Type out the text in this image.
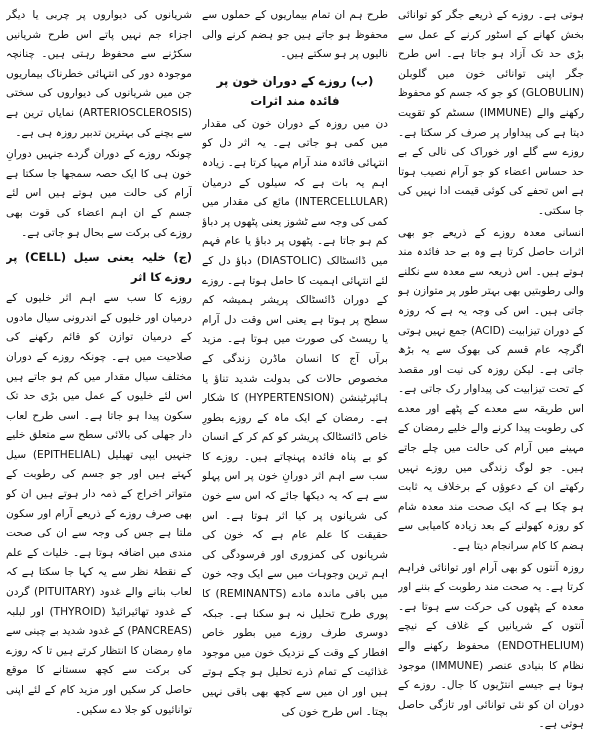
ہوتی ہے۔ روزے کے ذریعے جگر کو توانائی بخش کھانے کے اسٹور کرنے کے عمل سے بڑی حد تک آزاد ہو جاتا ہے۔ اس طرح جگر اپنی توانائی خون میں گلوبلن (GLOBULIN) کو جو کہ جسم کو محفوظ رکھنے والے (IMMUNE) سسٹم کو تقویت دیتا ہے کی پیداوار پر صرف کر سکتا ہے۔ روزے سے گلے اور خوراک کی نالی کے بے حد حساس اعضاء کو جو آرام نصیب ہوتا ہے اس تحفے کی کوئی قیمت ادا نہیں کی جا سکتی۔

انسانی معدہ روزے کے ذریعے جو بھی اثرات حاصل کرتا ہے وہ بے حد فائدہ مند ہوتے ہیں۔ اس ذریعہ سے معدہ سے نکلنے والی رطوبتیں بھی بہتر طور پر متوازن ہو جاتی ہیں۔ اس کی وجہ یہ ہے کہ روزہ کے دوران تیزابیت (ACID) جمع نہیں ہوتی اگرچہ عام قسم کی بھوک سے یہ بڑھ جاتی ہے۔ لیکن روزہ کی نیت اور مقصد کے تحت تیزابیت کی پیداوار رک جاتی ہے۔ اس طریقہ سے معدے کے پٹھے اور معدے کی رطوبت پیدا کرنے والے خلیے رمضان کے مہینے میں آرام کی حالت میں چلے جاتے ہیں۔ جو لوگ زندگی میں روزے نہیں رکھتے ان کے دعوؤں کے برخلاف یہ ثابت ہو چکا ہے کہ ایک صحت مند معدہ شام کو روزہ کھولنے کے بعد زیادہ کامیابی سے ہضم کا کام سرانجام دیتا ہے۔

روزہ آنتوں کو بھی آرام اور توانائی فراہم کرتا ہے۔ یہ صحت مند رطوبت کے بننے اور معدہ کے پٹھوں کی حرکت سے ہوتا ہے۔ آنتوں کے شریانیں کے غلاف کے نیچے (ENDOTHELIUM) محفوظ رکھنے والے نظام کا بنیادی عنصر (IMMUNE) موجود ہوتا ہے جیسے انتڑیوں کا جال۔ روزے کے دوران ان کو نئی توانائی اور تازگی حاصل ہوتی ہے۔

طرح ہم ان تمام بیماریوں کے حملوں سے محفوظ ہو جاتے ہیں جو ہضم کرنے والی نالیوں پر ہو سکتے ہیں۔

(ب) روزے کے دوران خون پر فائدہ مند اثرات

دن میں روزہ کے دوران خون کی مقدار میں کمی ہو جاتی ہے۔ یہ اثر دل کو انتہائی فائدہ مند آرام مہیا کرتا ہے۔ زیادہ اہم یہ بات ہے کہ سیلوں کے درمیان (INTERCELLULAR) مائع کی مقدار میں کمی کی وجہ سے ٹشوز یعنی پٹھوں پر دباؤ کم ہو جاتا ہے۔ پٹھوں پر دباؤ یا عام فہم میں ڈائسٹالک (DIASTOLIC) دباؤ دل کے لئے انتہائی اہمیت کا حامل ہوتا ہے۔ روزے کے دوران ڈائسٹالک پریشر ہمیشہ کم سطح پر ہوتا ہے یعنی اس وقت دل آرام یا ریسٹ کی صورت میں ہوتا ہے۔ مزید برآں آج کا انسان ماڈرن زندگی کے مخصوص حالات کی بدولت شدید تناؤ یا ہائپرٹینشن (HYPERTENSION) کا شکار ہے۔ رمضان کے ایک ماہ کے روزے بطورِ خاص ڈائسٹالک پریشر کو کم کر کے انسان کو بے پناہ فائدہ پہنچاتے ہیں۔ روزے کا سب سے اہم اثر دورانِ خون پر اس پہلو سے ہے کہ یہ دیکھا جائے کہ اس سے خون کی شریانوں پر کیا اثر ہوتا ہے۔ اس حقیقت کا علم عام ہے کہ خون کی شریانوں کی کمزوری اور فرسودگی کی اہم ترین وجوہات میں سے ایک وجہ خون میں باقی ماندہ مادے (REMINANTS) کا پوری طرح تحلیل نہ ہو سکنا ہے۔ جبکہ دوسری طرف روزے میں بطور خاص افطار کے وقت کے نزدیک خون میں موجود غذائیت کے تمام ذرے تحلیل ہو چکے ہوتے ہیں اور ان میں سے کچھ بھی باقی نہیں بچتا۔ اس طرح خون کی

شریانوں کی دیواروں پر چربی یا دیگر اجزاء جم نہیں پاتے اس طرح شریانیں سکڑنے سے محفوظ رہتی ہیں۔ چنانچہ موجودہ دور کی انتہائی خطرناک بیماریوں جن میں شریانوں کی دیواروں کی سختی (ARTERIOSCLEROSIS) نمایاں ترین ہے سے بچنے کی بہترین تدبیر روزہ ہی ہے۔

چونکہ روزے کے دوران گردے جنہیں دورانِ خون ہی کا ایک حصہ سمجھا جا سکتا ہے آرام کی حالت میں ہوتے ہیں اس لئے جسم کے ان اہم اعضاء کی قوت بھی روزے کی برکت سے بحال ہو جاتی ہے۔

(ج) خلیہ یعنی سیل (CELL) پر روزے کا اثر

روزے کا سب سے اہم اثر خلیوں کے درمیان اور خلیوں کے اندرونی سیال مادوں کے درمیان توازن کو قائم رکھنے کی صلاحیت میں ہے۔ چونکہ روزے کے دوران مختلف سیال مقدار میں کم ہو جاتے ہیں اس لئے خلیوں کے عمل میں بڑی حد تک سکون پیدا ہو جاتا ہے۔ اسی طرح لعاب دار جھلی کی بالائی سطح سے متعلق خلیے جنہیں ایپی تھیلیل (EPITHELIAL) سیل کہتے ہیں اور جو جسم کی رطوبت کے متواتر اخراج کے ذمہ دار ہوتے ہیں ان کو بھی صرف روزے کے ذریعے آرام اور سکون ملتا ہے جس کی وجہ سے ان کی صحت مندی میں اضافہ ہوتا ہے۔ خلیات کے علم کے نقطۂ نظر سے یہ کہا جا سکتا ہے کہ لعاب بنانے والے غدود (PITUITARY) گردن کے غدود تھائیرائیڈ (THYROID) اور لبلبہ (PANCREAS) کے غدود شدید بے چینی سے ماہِ رمضان کا انتظار کرتے ہیں تا کہ روزے کی برکت سے کچھ سستانے کا موقع حاصل کر سکیں اور مزید کام کے لئے اپنی توانائیوں کو جلا دے سکیں۔
